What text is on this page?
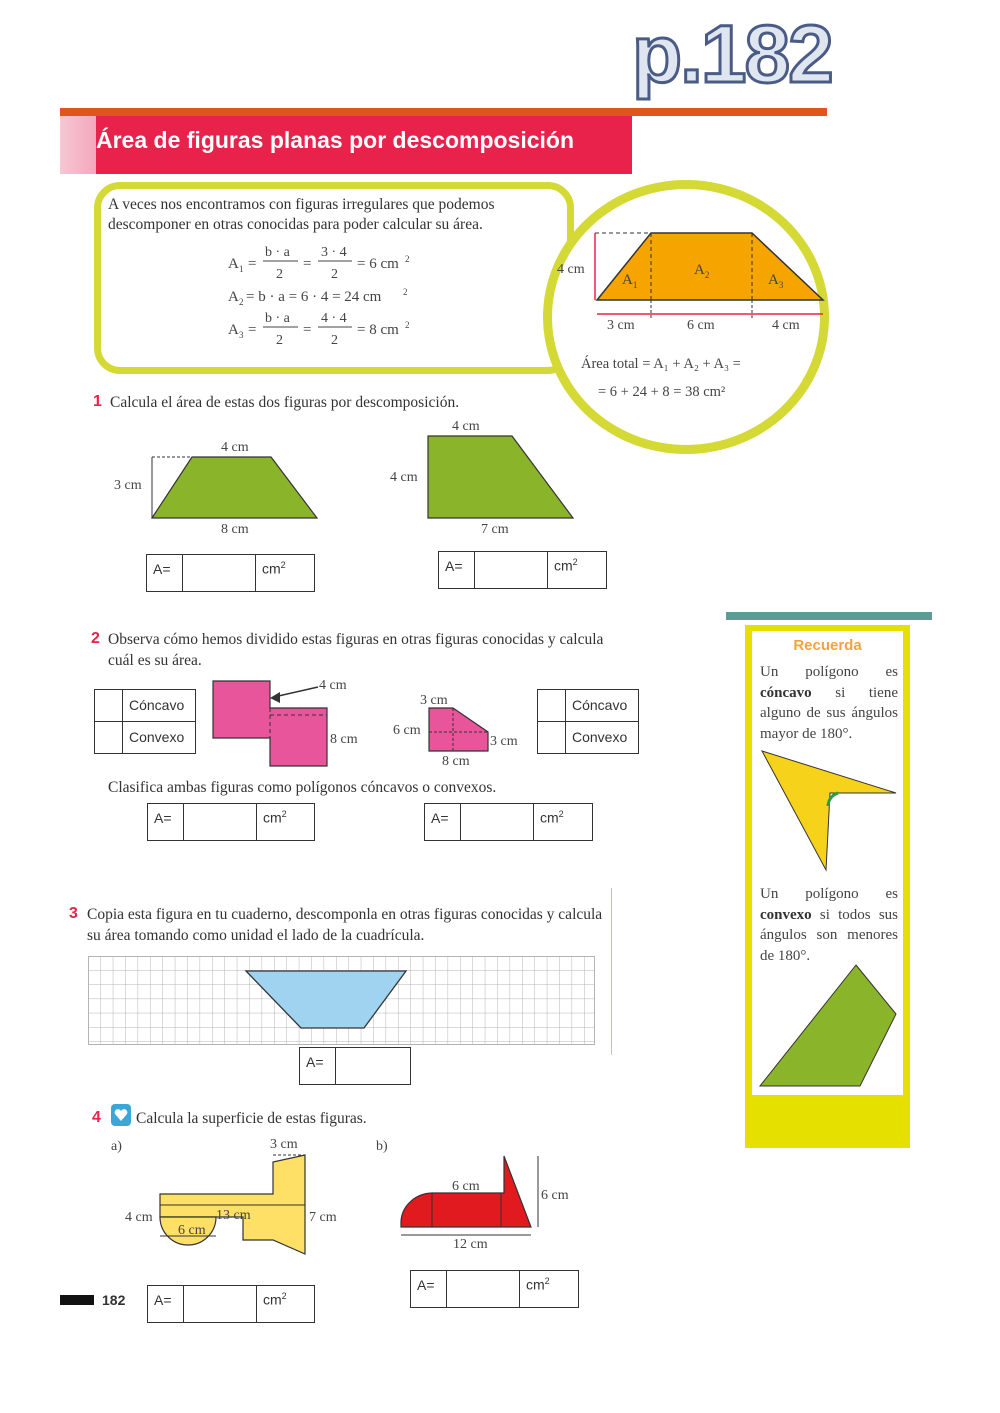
p.182
Área de figuras planas por descomposición
A veces nos encontramos con figuras irregulares que podemos descomponer en otras conocidas para poder calcular su área.
A 1 =
b · a
2
=
3 · 4
2
= 6 cm 2
A 2 = b · a = 6 · 4 = 24 cm 2
A 3 =
b · a
2
=
4 · 4
2
= 8 cm 2
4 cm
$A_1$
$A_2$	$A_3$
3 cm	6 cm	4 cm
Área total = A₁ + A₂ + A₃ =
= 6 + 24 + 8 = 38 cm²
1 Calcula el área de estas dos figuras por descomposición.
4 cm
3 cm
8 cm
4 cm
4 cm
7 cm
A=	$cm^2$	A=	$cm^2$
2 Observa cómo hemos dividido estas figuras en otras figuras conocidas y calcula cuál es su área.
Cóncavo
Convexo
4 cm
8 cm
3 cm
6 cm
3 cm
8 cm
Cóncavo
Convexo
Clasifica ambas figuras como polígonos cóncavos o convexos.
A=	$cm^2$	A=	$cm^2$
3 Copia esta figura en tu cuaderno, descomponla en otras figuras conocidas y calcula su área tomando como unidad el lado de la cuadrícula.
A=
4 Calcula la superficie de estas figuras.
a)	b)
3 cm
4 cm	13 cm
6 cm
7 cm
6 cm
6 cm
12 cm
A=	$cm^2$
A=	$cm^2$
182
Recuerda
Un polígono es cóncavo si tiene alguno de sus ángulos mayor de 180°.
Un polígono es convexo si todos sus ángulos son menores de 180°.
